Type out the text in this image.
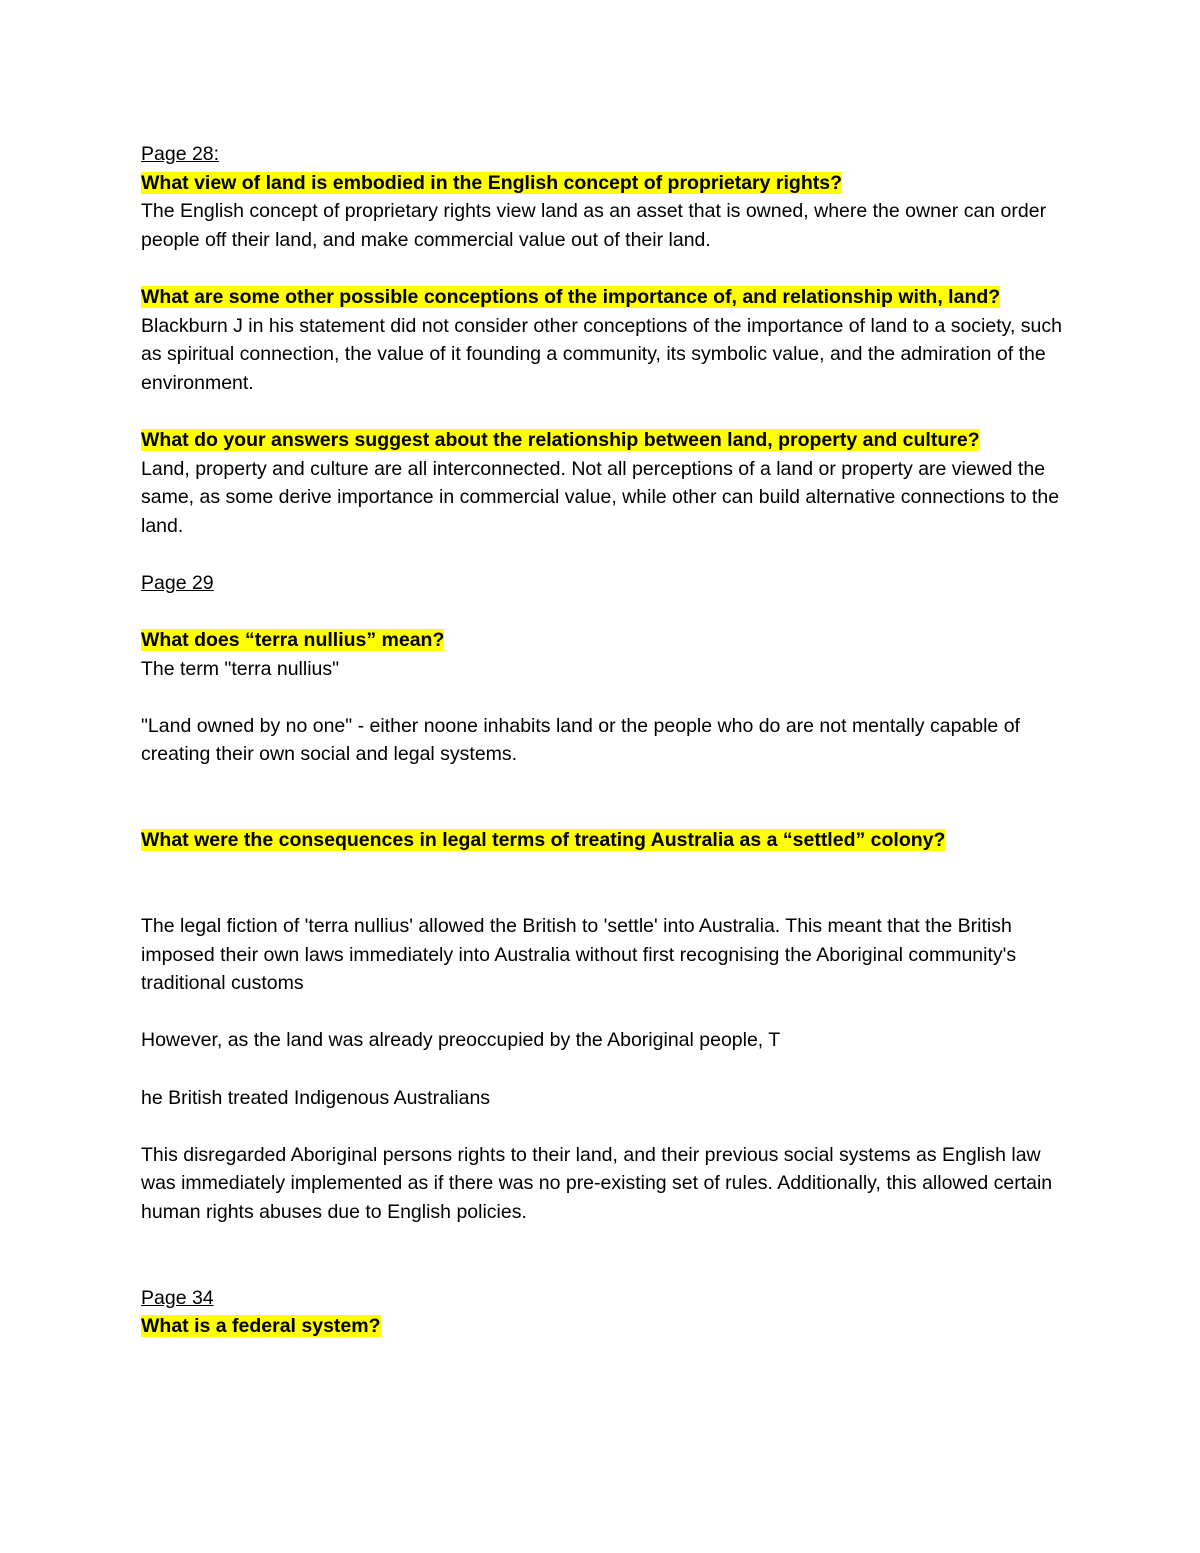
Page 28:

What view of land is embodied in the English concept of proprietary rights?

The English concept of proprietary rights view land as an asset that is owned, where the owner can order people off their land, and make commercial value out of their land.

What are some other possible conceptions of the importance of, and relationship with, land?

Blackburn J in his statement did not consider other conceptions of the importance of land to a society, such as spiritual connection, the value of it founding a community, its symbolic value, and the admiration of the environment.

What do your answers suggest about the relationship between land, property and culture?

Land, property and culture are all interconnected. Not all perceptions of a land or property are viewed the same, as some derive importance in commercial value, while other can build alternative connections to the land.

Page 29

What does “terra nullius” mean?

The term "terra nullius"

"Land owned by no one" - either noone inhabits land or the people who do are not mentally capable of creating their own social and legal systems.

What were the consequences in legal terms of treating Australia as a “settled” colony?

The legal fiction of 'terra nullius' allowed the British to 'settle' into Australia. This meant that the British imposed their own laws immediately into Australia without first recognising the Aboriginal community's traditional customs

However, as the land was already preoccupied by the Aboriginal people, T

he British treated Indigenous Australians

This disregarded Aboriginal persons rights to their land, and their previous social systems as English law was immediately implemented as if there was no pre-existing set of rules. Additionally, this allowed certain human rights abuses due to English policies.

Page 34

What is a federal system?
